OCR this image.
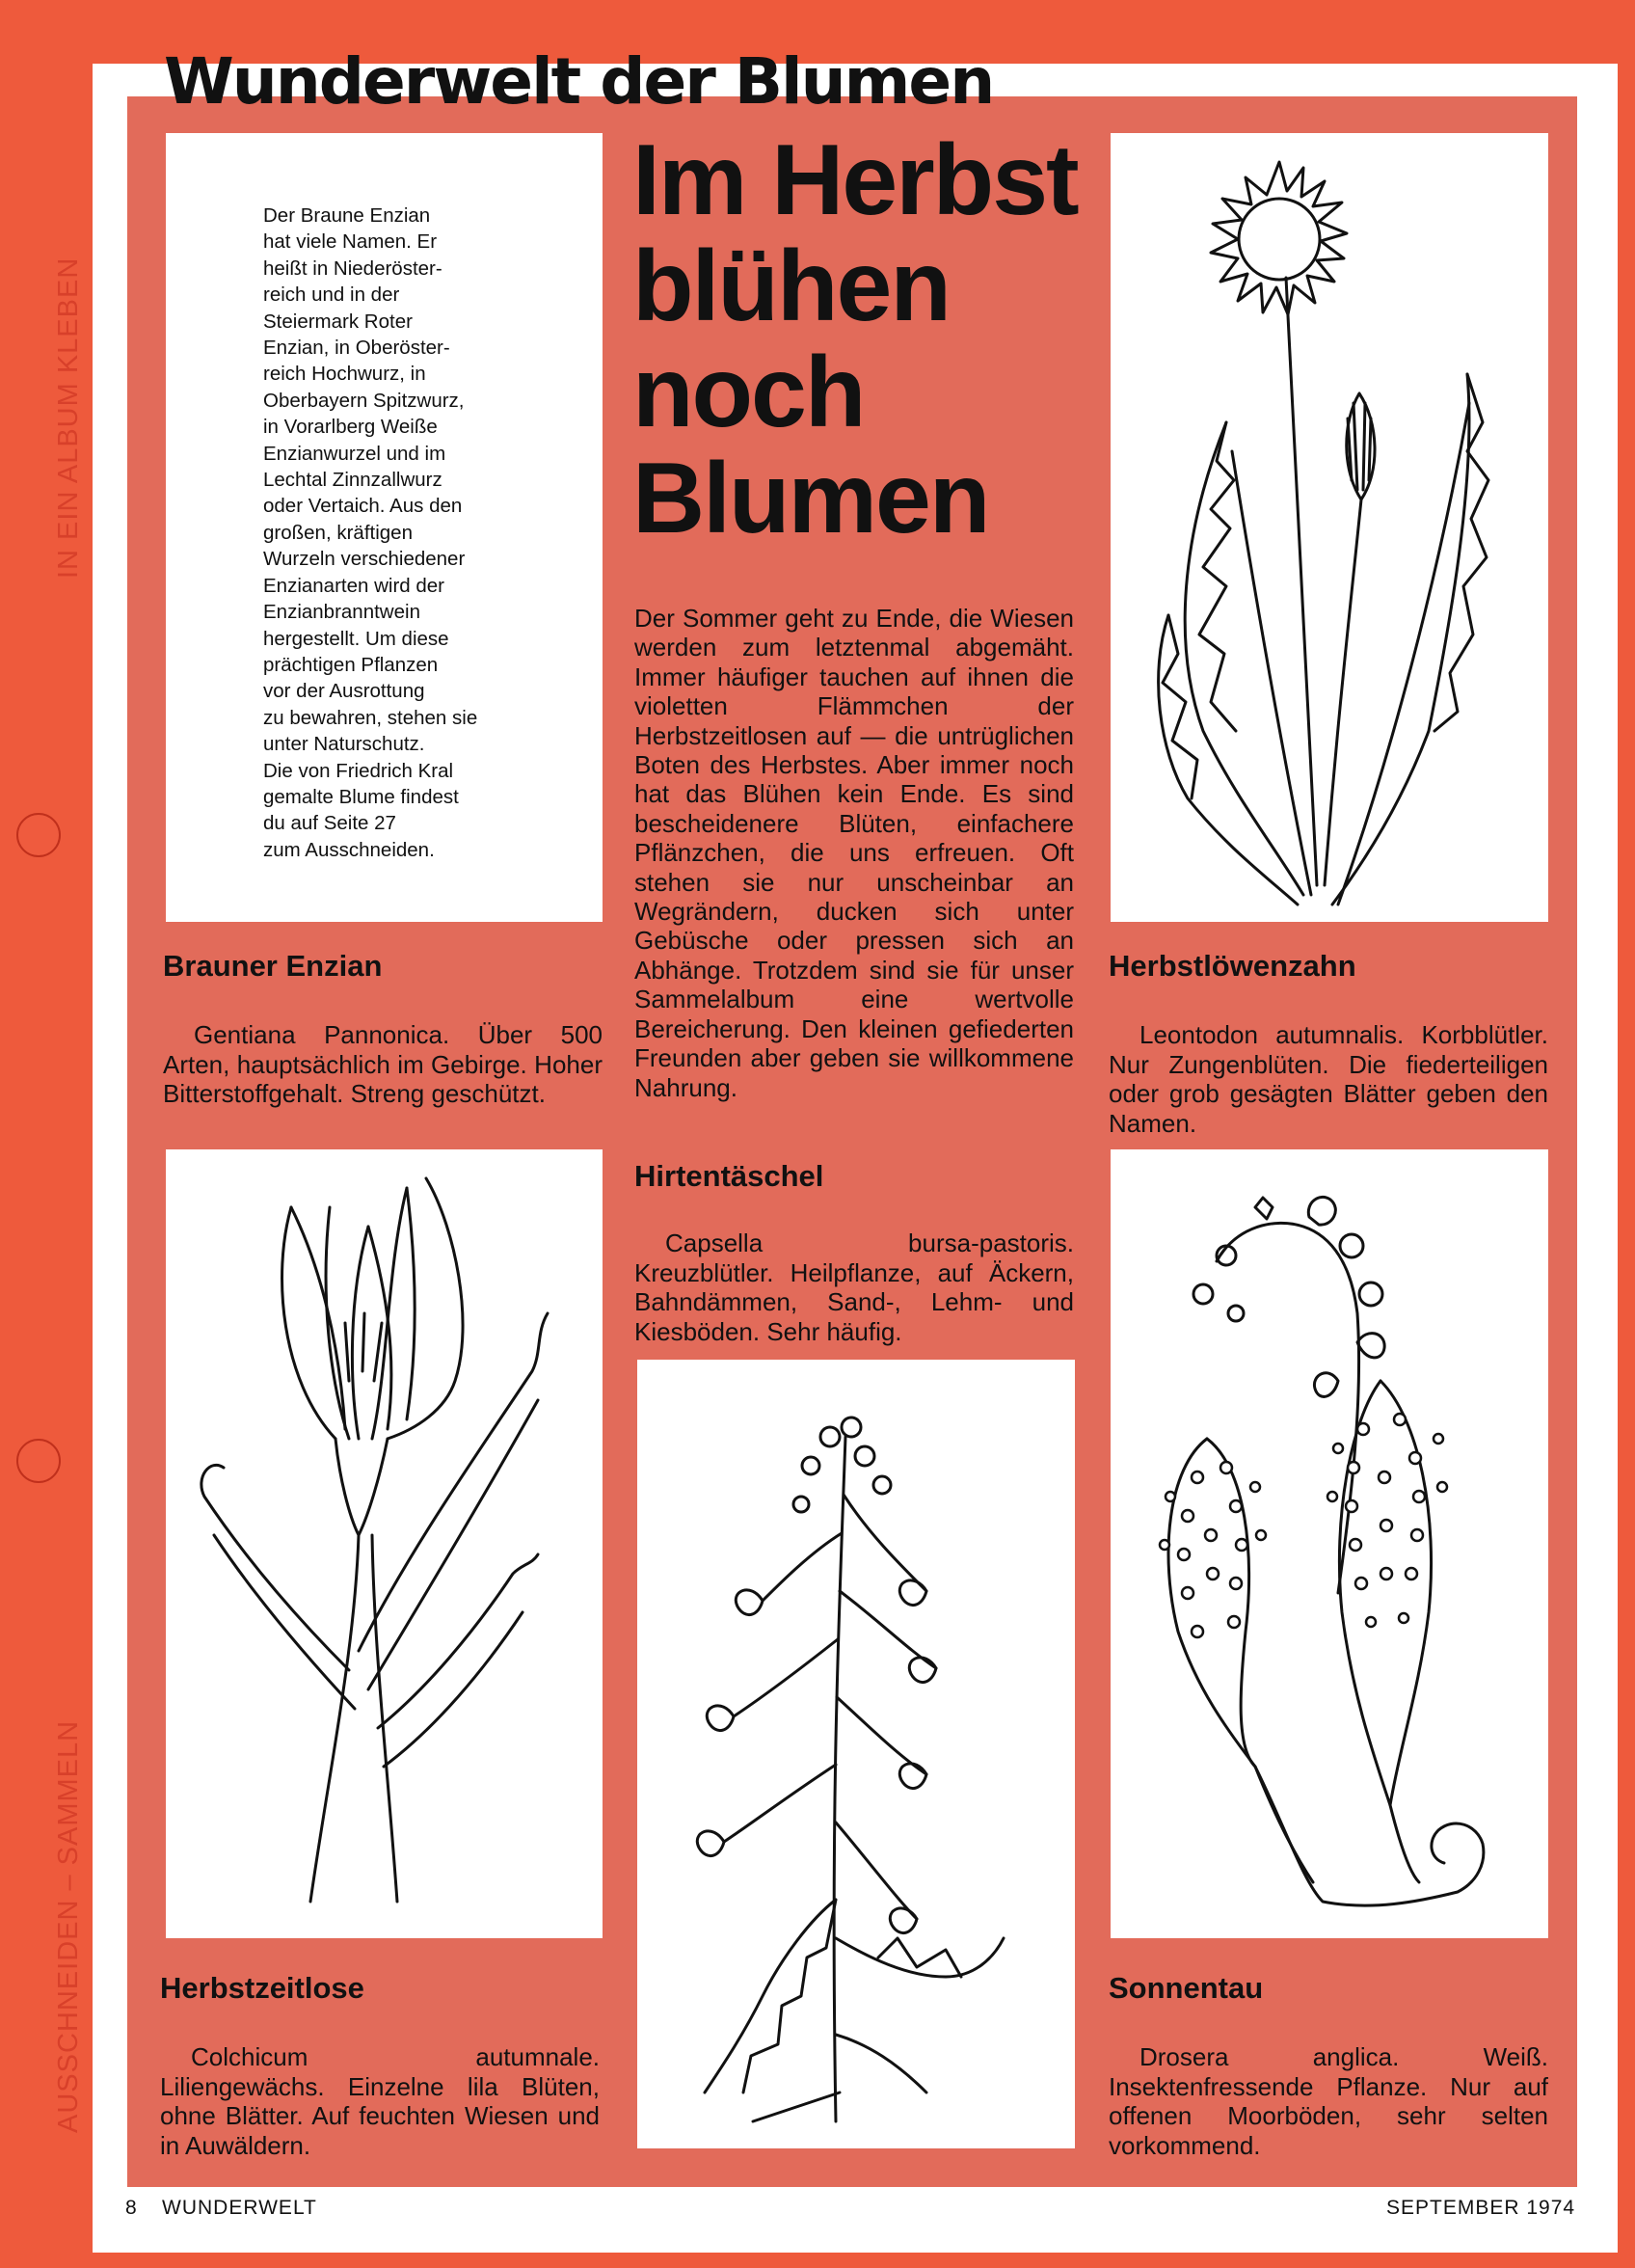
IN EIN ALBUM KLEBEN
AUSSCHNEIDEN – SAMMELN
Wunderwelt der Blumen
Der Braune Enzian
hat viele Namen. Er
heißt in Niederöster-
reich und in der
Steiermark Roter
Enzian, in Oberöster-
reich Hochwurz, in
Oberbayern Spitzwurz,
in Vorarlberg Weiße
Enzianwurzel und im
Lechtal Zinnzallwurz
oder Vertaich. Aus den
großen, kräftigen
Wurzeln verschiedener
Enzianarten wird der
Enzianbranntwein
hergestellt. Um diese
prächtigen Pflanzen
vor der Ausrottung
zu bewahren, stehen sie
unter Naturschutz.
Die von Friedrich Kral
gemalte Blume findest
du auf Seite 27
zum Ausschneiden.
Im Herbst blühen noch Blumen

Der Sommer geht zu Ende, die Wiesen werden zum letztenmal abgemäht. Immer häufiger tauchen auf ihnen die violetten Flämmchen der Herbstzeitlosen auf — die untrüglichen Boten des Herbstes. Aber immer noch hat das Blühen kein Ende. Es sind bescheidenere Blüten, einfachere Pflänzchen, die uns erfreuen. Oft stehen sie nur unscheinbar an Wegrändern, ducken sich unter Gebüsche oder pressen sich an Abhänge. Trotzdem sind sie für unser Sammelalbum eine wertvolle Bereicherung. Den kleinen gefiederten Freunden aber geben sie willkommene Nahrung.

Brauner Enzian

Gentiana Pannonica. Über 500 Arten, hauptsächlich im Gebirge. Hoher Bitterstoffgehalt. Streng geschützt.

Herbstlöwenzahn

Leontodon autumnalis. Korbblütler. Nur Zungenblüten. Die fiederteiligen oder grob gesägten Blätter geben den Namen.

Hirtentäschel

Capsella bursa-pastoris. Kreuzblütler. Heilpflanze, auf Äckern, Bahndämmen, Sand-, Lehm- und Kiesböden. Sehr häufig.

Herbstzeitlose

Colchicum autumnale. Liliengewächs. Einzelne lila Blüten, ohne Blätter. Auf feuchten Wiesen und in Auwäldern.

Sonnentau

Drosera anglica. Weiß. Insektenfressende Pflanze. Nur auf offenen Moorböden, sehr selten vorkommend.

8 WUNDERWELT	SEPTEMBER 1974
